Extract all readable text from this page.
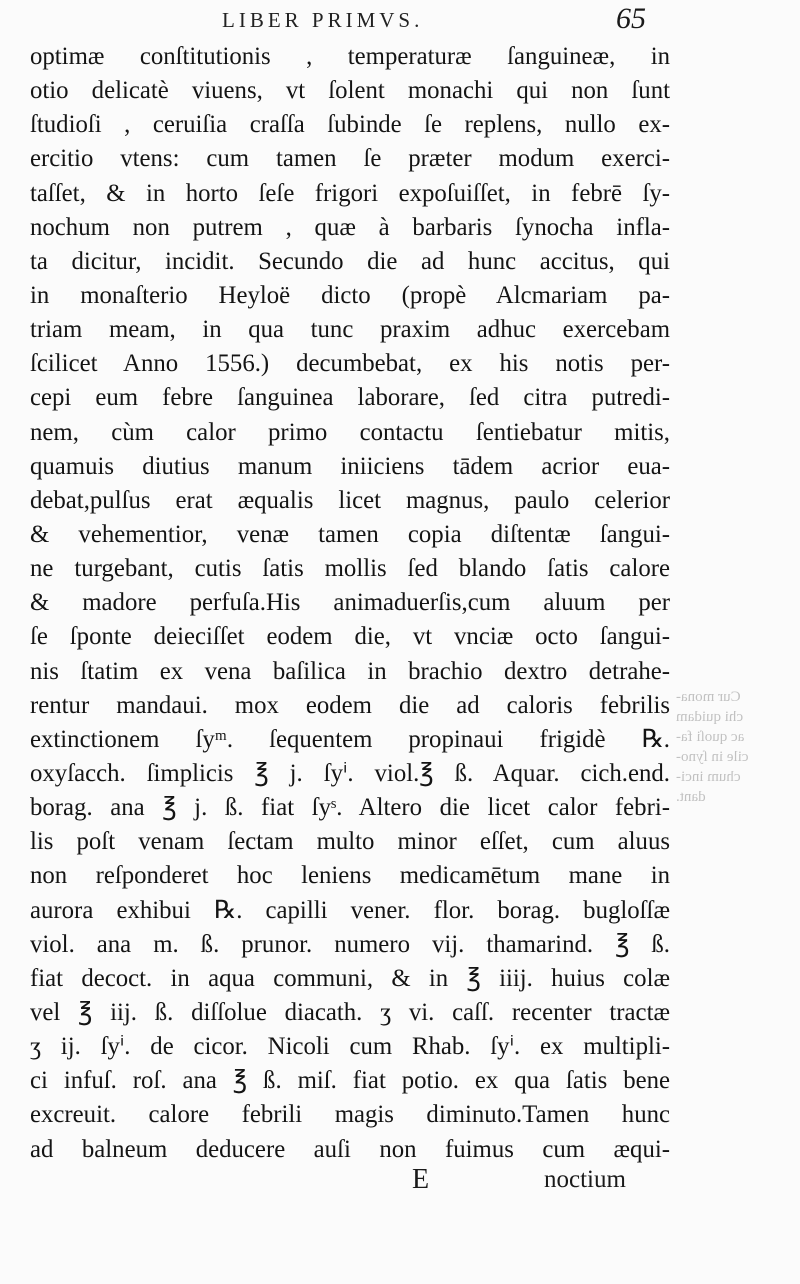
LIBER PRIMVS.	65
optimæ conſtitutionis , temperaturæ ſanguineæ, in
otio delicatè viuens, vt ſolent monachi qui non ſunt
ſtudioſi , ceruiſia craſſa ſubinde ſe replens, nullo ex-
ercitio vtens: cum tamen ſe præter modum exerci-
taſſet, & in horto ſeſe frigori expoſuiſſet, in febrē ſy-
nochum non putrem , quæ à barbaris ſynocha infla-
ta dicitur, incidit. Secundo die ad hunc accitus, qui
in monaſterio Heyloë dicto (propè Alcmariam pa-
triam meam, in qua tunc praxim adhuc exercebam
ſcilicet Anno 1556.) decumbebat, ex his notis per-
cepi eum febre ſanguinea laborare, ſed citra putredi-
nem, cùm calor primo contactu ſentiebatur mitis,
quamuis diutius manum iniiciens tādem acrior eua-
debat,pulſus erat æqualis licet magnus, paulo celerior
& vehementior, venæ tamen copia diſtentæ ſangui-
ne turgebant, cutis ſatis mollis ſed blando ſatis calore
& madore perfuſa.His animaduerſis,cum aluum per
ſe ſponte deieciſſet eodem die, vt vnciæ octo ſangui-
nis ſtatim ex vena baſilica in brachio dextro detrahe-
rentur mandaui. mox eodem die ad caloris febrilis
extinctionem ſyᵐ. ſequentem propinaui frigidè ℞.
oxyſacch. ſimplicis ℥ j. ſyⁱ. viol.℥ ß. Aquar. cich.end.
borag. ana ℥ j. ß. fiat ſyˢ. Altero die licet calor febri-
lis poſt venam ſectam multo minor eſſet, cum aluus
non reſponderet hoc leniens medicamētum mane in
aurora exhibui ℞. capilli vener. flor. borag. bugloſſæ
viol. ana m. ß. prunor. numero vij. thamarind. ℥ ß.
fiat decoct. in aqua communi, & in ℥ iiij. huius colæ
vel ℥ iij. ß. diſſolue diacath. ʒ vi. caſſ. recenter tractæ
ʒ ij. ſyⁱ. de cicor. Nicoli cum Rhab. ſyⁱ. ex multipli-
ci infuſ. roſ. ana ℥ ß. miſ. fiat potio. ex qua ſatis bene
excreuit. calore febrili magis diminuto.Tamen hunc
ad balneum deducere auſi non fuimus cum æqui-
Cur mona-
chi quidam
ac quoſi fa-
cile in ſyno-
chum inci-
dant.
E	noctium
